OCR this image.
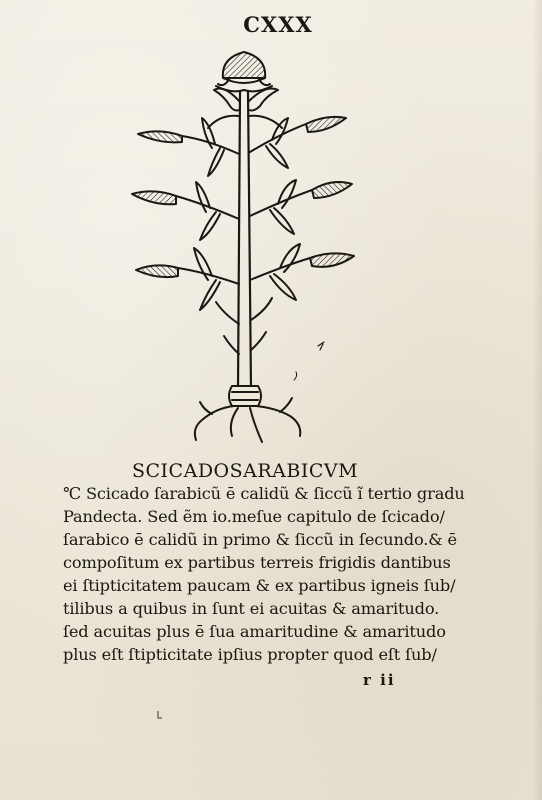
CXXX
SCICADOSARABICVM
℃ Scicado ſarabicũ ē calidũ & ſiccũ ĩ tertio gradu
Pandecta. Sed ẽm io.meſue capitulo de ſcicado/
ſarabico ē calidũ in primo & ſiccũ in ſecundo.& ē
compoſitum ex partibus terreis frigidis dantibus
ei ſtipticitatem paucam & ex partibus igneis ſub/
tilibus a quibus in ſunt ei acuitas & amaritudo.
ſed acuitas plus ē ſua amaritudine & amaritudo
plus eſt ſtipticitate ipſius propter quod eſt ſub/
r ii
